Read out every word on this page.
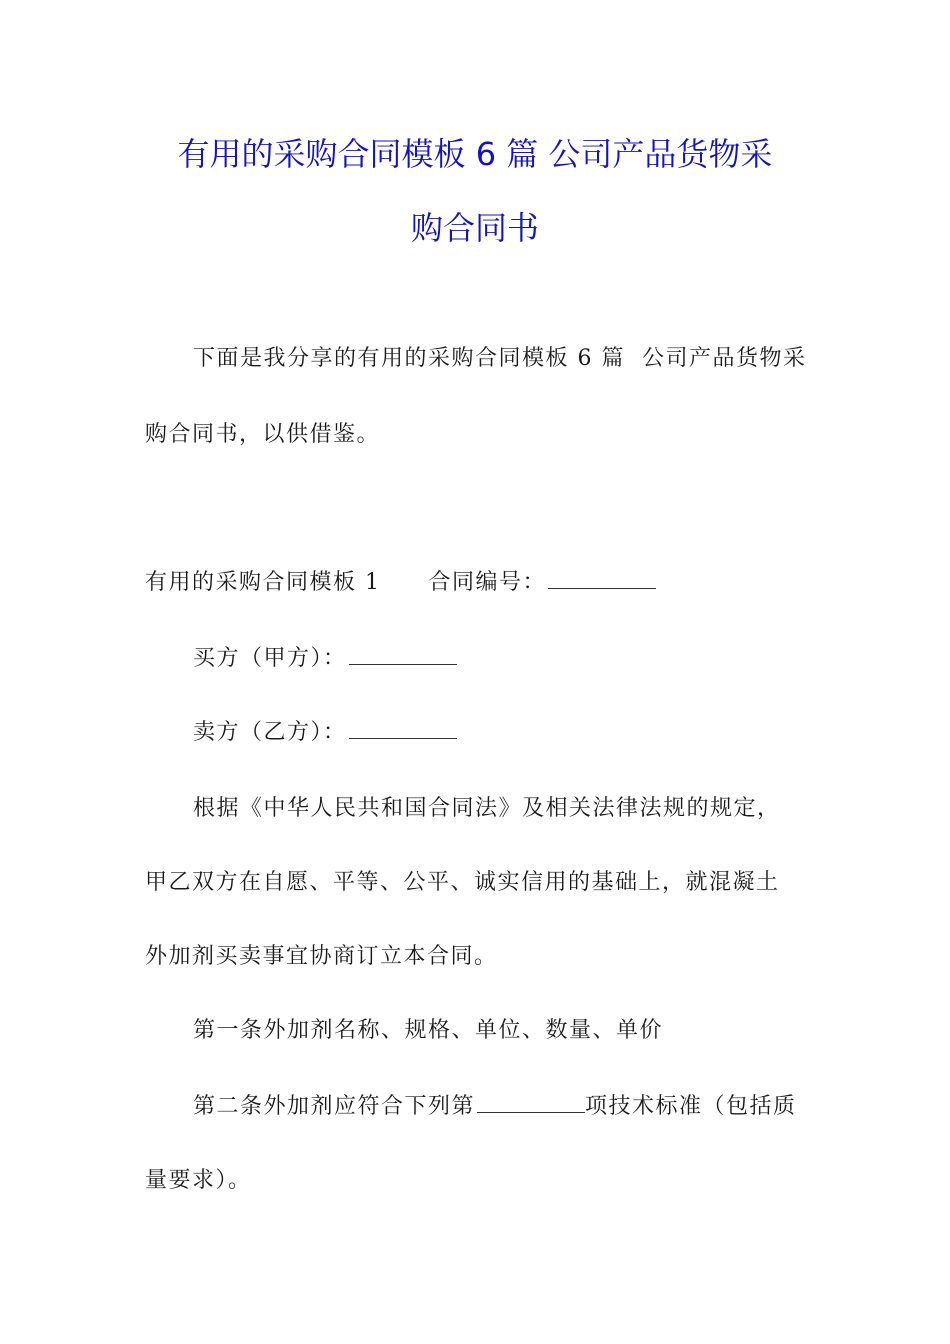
有用的采购合同模板 6 篇 公司产品货物采
购合同书
下面是我分享的有用的采购合同模板 6 篇  公司产品货物采
购合同书，以供借鉴。
有用的采购合同模板 1 合同编号：
买方（甲方）：
卖方（乙方）：
根据《中华人民共和国合同法》及相关法律法规的规定，
甲乙双方在自愿、平等、公平、诚实信用的基础上，就混凝土
外加剂买卖事宜协商订立本合同。
第一条外加剂名称、规格、单位、数量、单价
第二条外加剂应符合下列第	项技术标准（包括质
量要求）。
